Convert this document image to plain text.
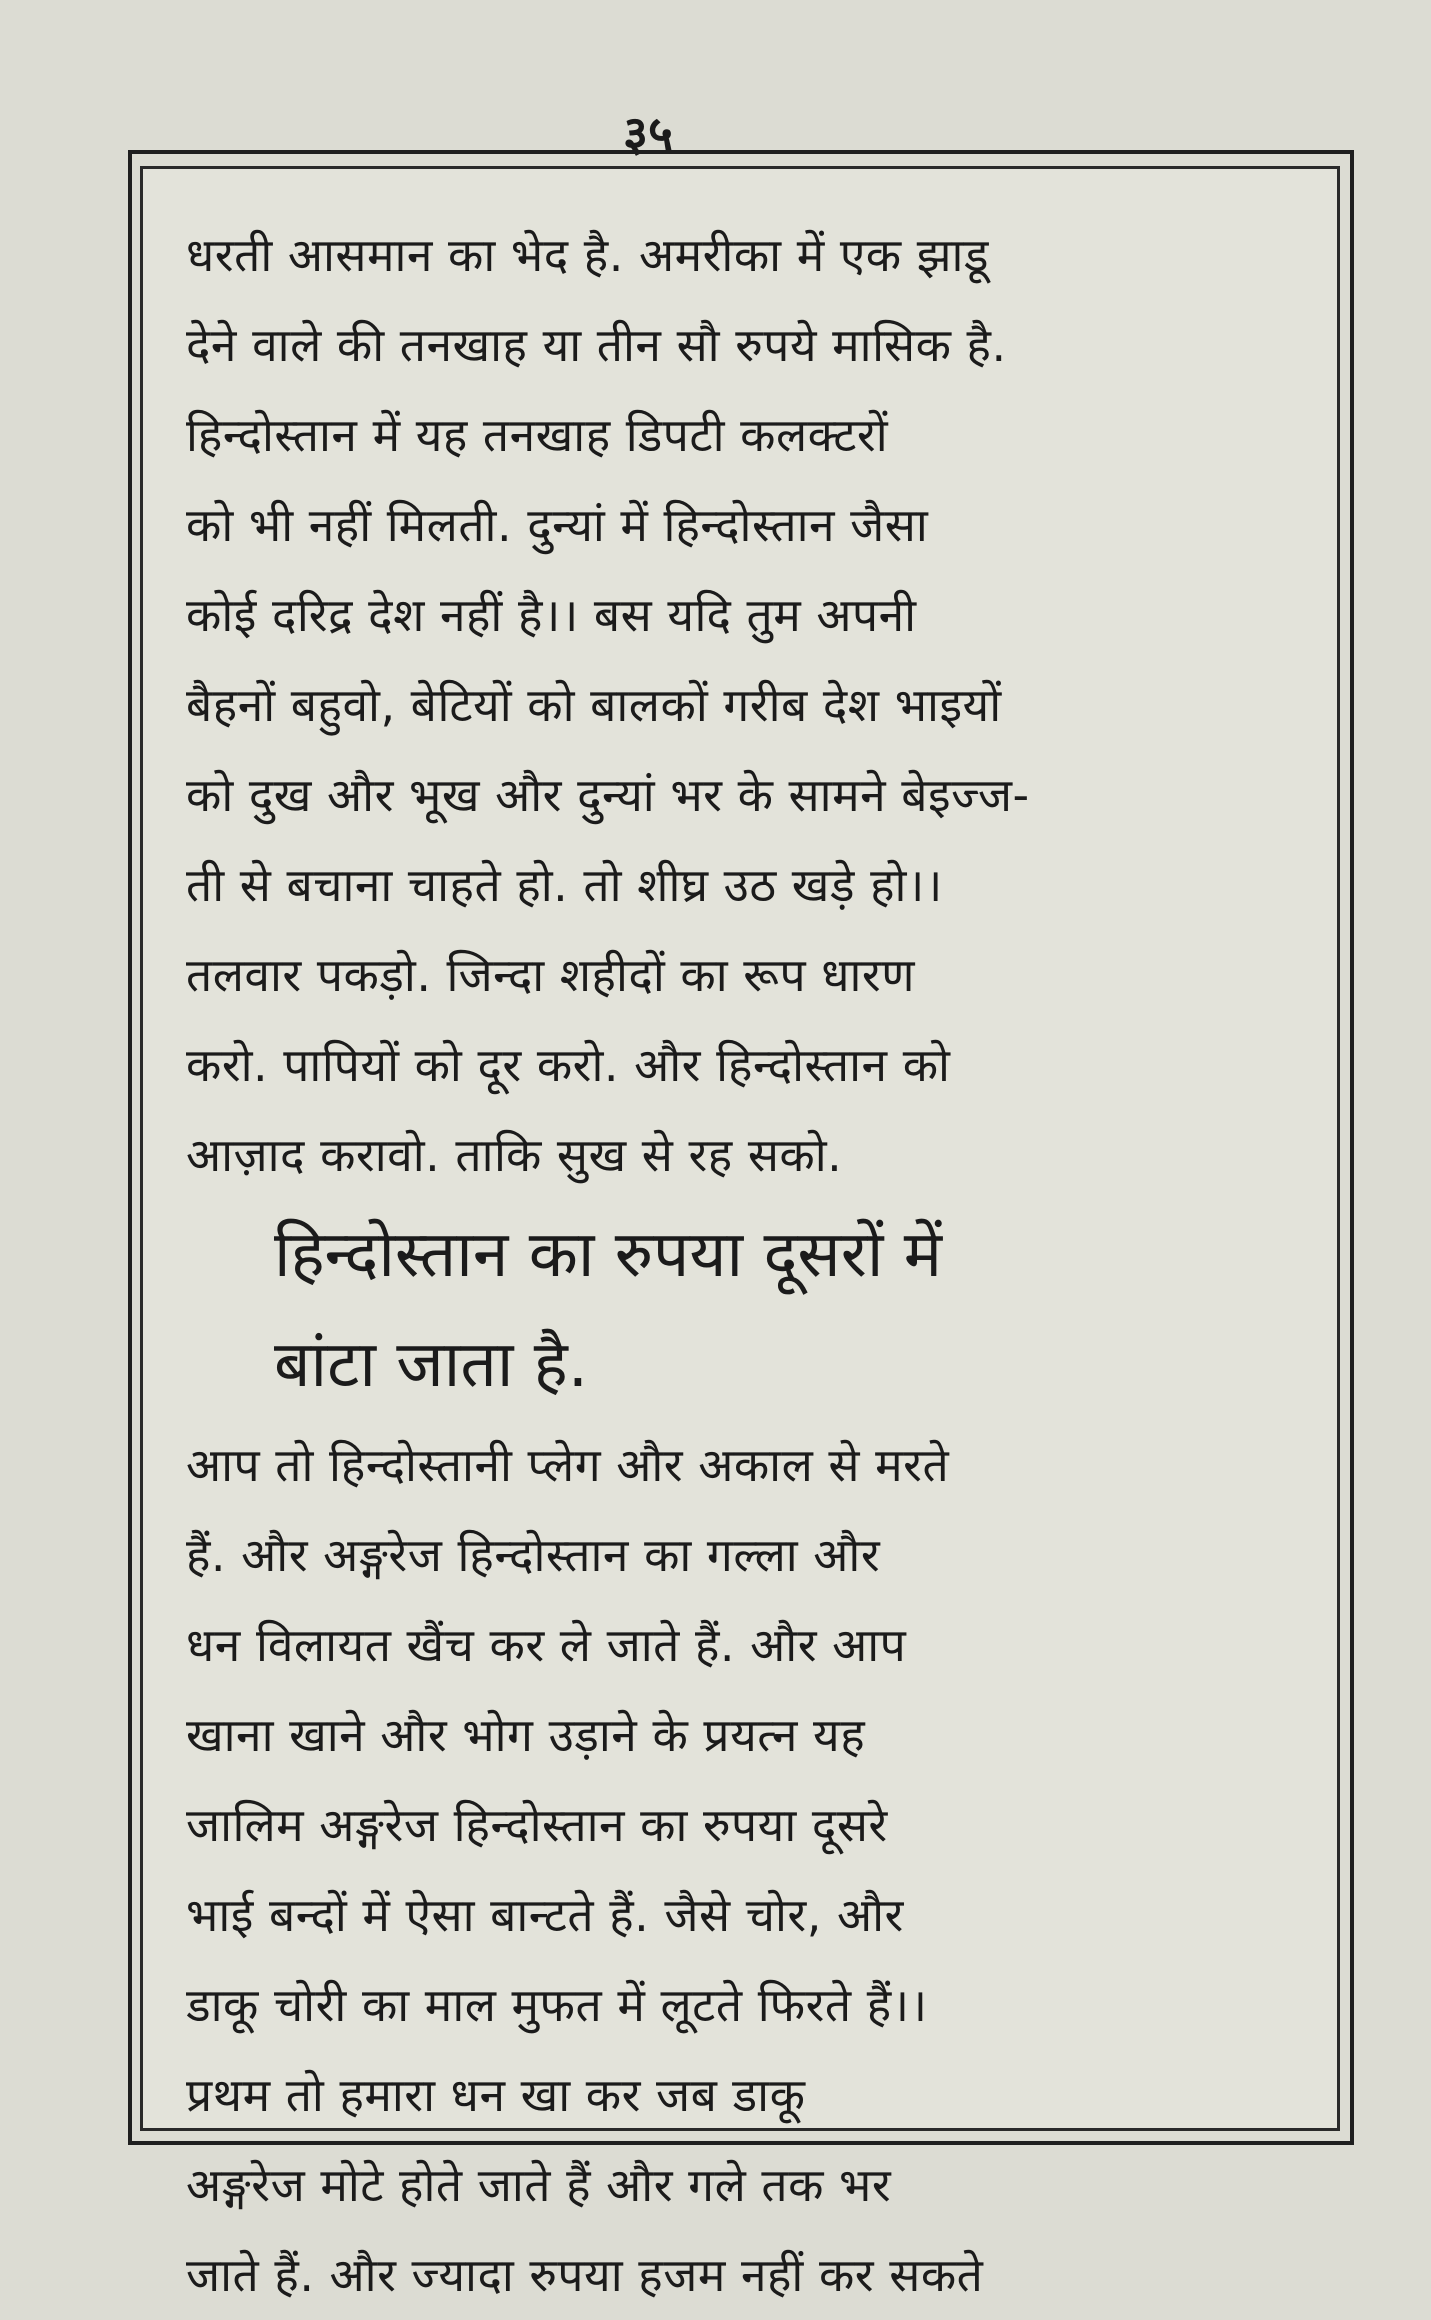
३५
धरती आसमान का भेद है. अमरीका में एक झाडू
देने वाले की तनखाह या तीन सौ रुपये मासिक है.
हिन्दोस्तान में यह तनखाह डिपटी कलक्टरों
को भी नहीं मिलती. दुन्यां में हिन्दोस्तान जैसा
कोई दरिद्र देश नहीं है।। बस यदि तुम अपनी
बैहनों बहुवो, बेटियों को बालकों गरीब देश भाइयों
को दुख और भूख और दुन्यां भर के सामने बेइज्ज-
ती से बचाना चाहते हो. तो शीघ्र उठ खड़े हो।।
तलवार पकड़ो. जिन्दा शहीदों का रूप धारण
करो. पापियों को दूर करो. और हिन्दोस्तान को
आज़ाद करावो. ताकि सुख से रह सको.
हिन्दोस्तान का रुपया दूसरों में
बांटा जाता है.
आप तो हिन्दोस्तानी प्लेग और अकाल से मरते
हैं. और अङ्गरेज हिन्दोस्तान का गल्ला और
धन विलायत खैंच कर ले जाते हैं. और आप
खाना खाने और भोग उड़ाने के प्रयत्न यह
जालिम अङ्गरेज हिन्दोस्तान का रुपया दूसरे
भाई बन्दों में ऐसा बान्टते हैं. जैसे चोर, और
डाकू चोरी का माल मुफत में लूटते फिरते हैं।।
प्रथम तो हमारा धन खा कर जब डाकू
अङ्गरेज मोटे होते जाते हैं और गले तक भर
जाते हैं. और ज्यादा रुपया हजम नहीं कर सकते
